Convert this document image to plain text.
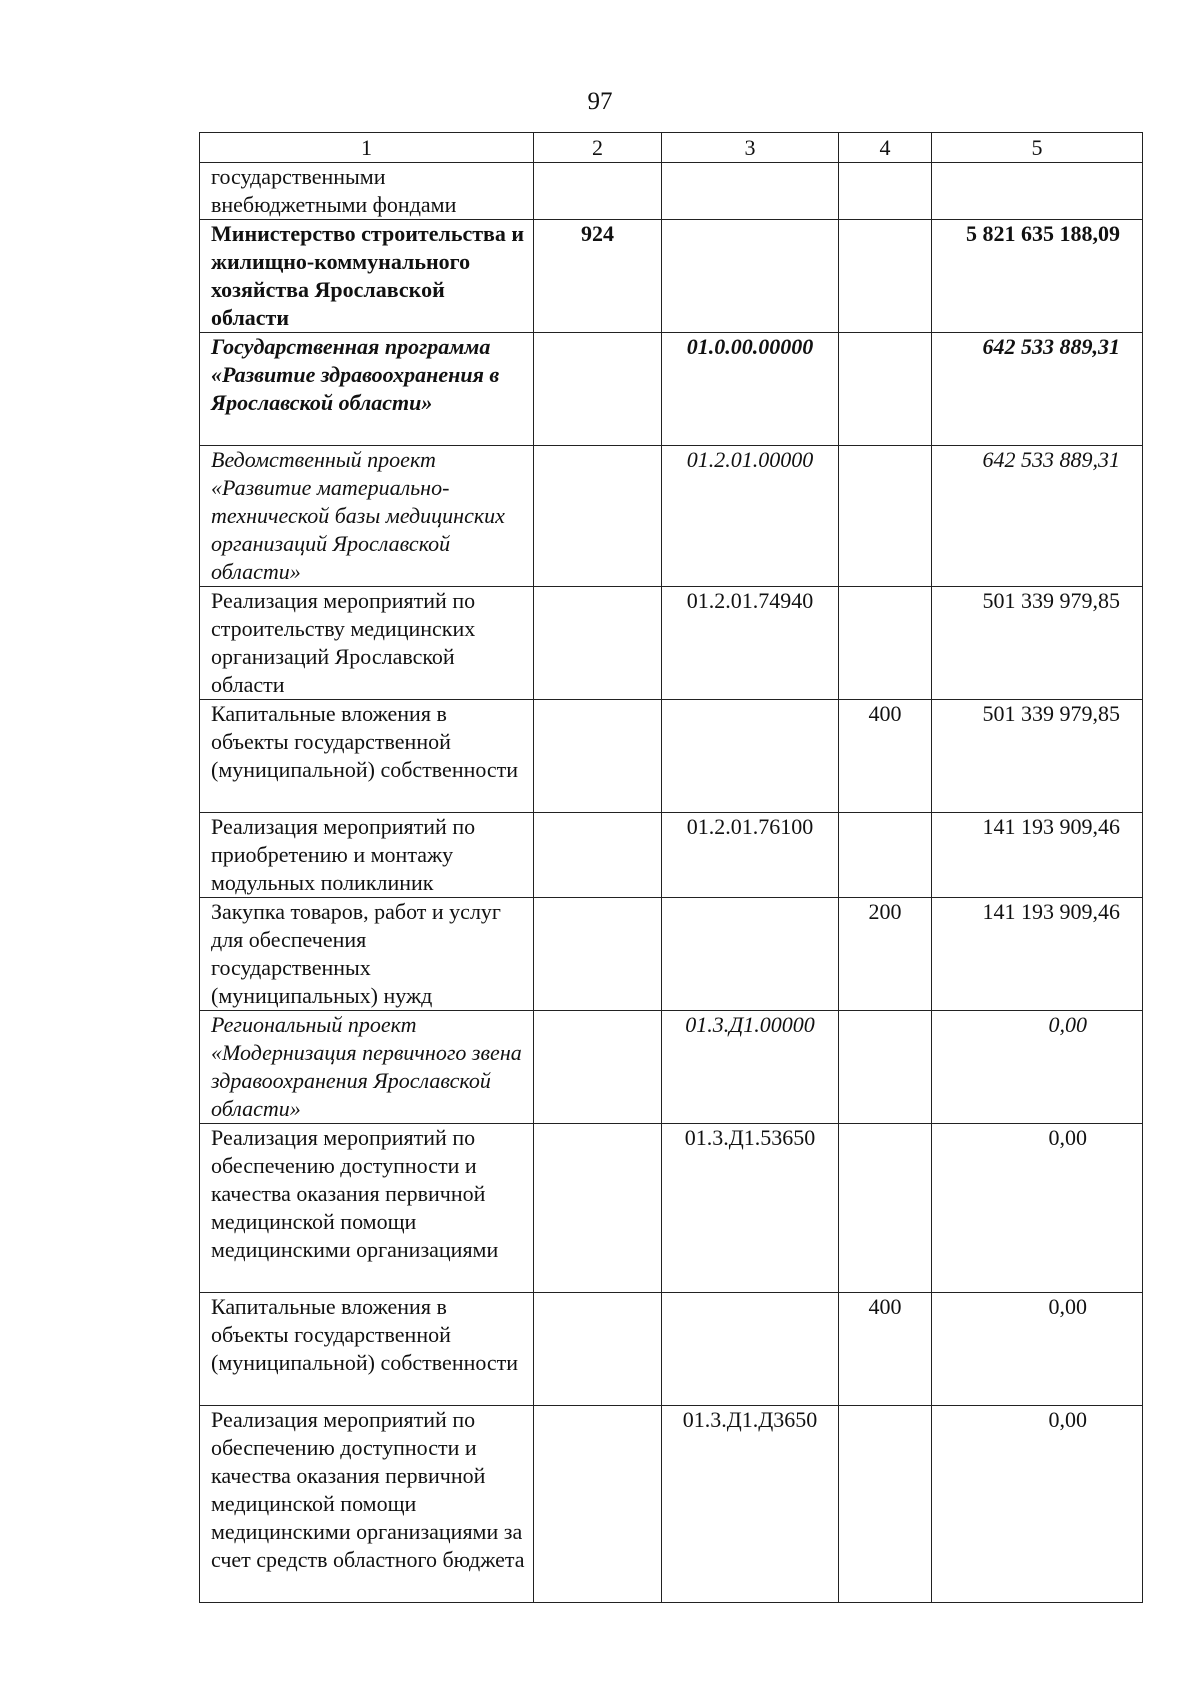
97
1	2	3	4	5
государственными внебюджетными фондами				
Министерство строительства и жилищно-коммунального хозяйства Ярославской области	924			5 821 635 188,09
Государственная программа «Развитие здравоохранения в Ярославской области»		01.0.00.00000		642 533 889,31
Ведомственный проект «Развитие материально-технической базы медицинских организаций Ярославской области»		01.2.01.00000		642 533 889,31
Реализация мероприятий по строительству медицинских организаций Ярославской области		01.2.01.74940		501 339 979,85
Капитальные вложения в объекты государственной (муниципальной) собственности			400	501 339 979,85
Реализация мероприятий по приобретению и монтажу модульных поликлиник		01.2.01.76100		141 193 909,46
Закупка товаров, работ и услуг для обеспечения государственных (муниципальных) нужд			200	141 193 909,46
Региональный проект «Модернизация первичного звена здравоохранения Ярославской области»		01.3.Д1.00000		0,00
Реализация мероприятий по обеспечению доступности и качества оказания первичной медицинской помощи медицинскими организациями		01.3.Д1.53650		0,00
Капитальные вложения в объекты государственной (муниципальной) собственности			400	0,00
Реализация мероприятий по обеспечению доступности и качества оказания первичной медицинской помощи медицинскими организациями за счет средств областного бюджета		01.3.Д1.Д3650		0,00
